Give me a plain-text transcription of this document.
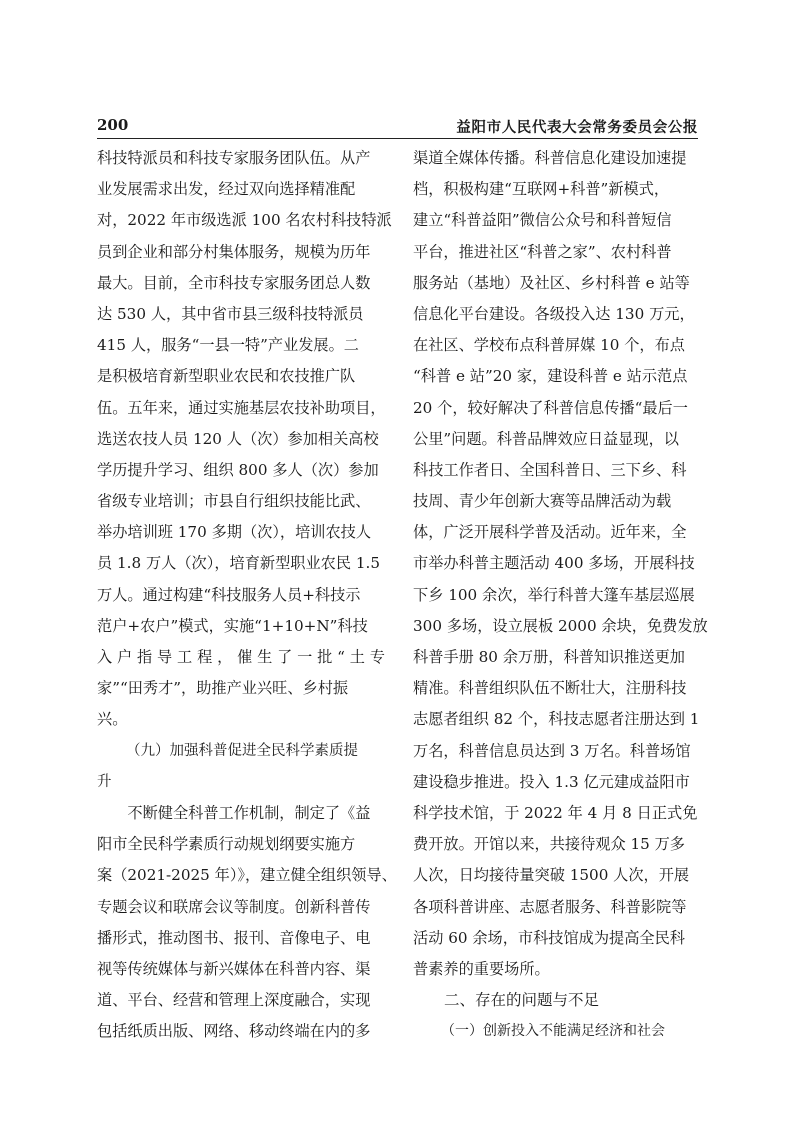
200	益阳市人民代表大会常务委员会公报
科技特派员和科技专家服务团队伍。从产
业发展需求出发，经过双向选择精准配
对，2022 年市级选派 100 名农村科技特派
员到企业和部分村集体服务，规模为历年
最大。目前，全市科技专家服务团总人数
达 530 人，其中省市县三级科技特派员
415 人，服务“一县一特”产业发展。二
是积极培育新型职业农民和农技推广队
伍。五年来，通过实施基层农技补助项目，
选送农技人员 120 人（次）参加相关高校
学历提升学习、组织 800 多人（次）参加
省级专业培训；市县自行组织技能比武、
举办培训班 170 多期（次），培训农技人
员 1.8 万人（次），培育新型职业农民 1.5
万人。通过构建“科技服务人员+科技示
范户+农户”模式，实施“1+10+N”科技
入 户 指 导 工 程 ， 催 生 了 一 批 “ 土 专
家”“田秀才”，助推产业兴旺、乡村振
兴。
（九）加强科普促进全民科学素质提
升
不断健全科普工作机制，制定了《益
阳市全民科学素质行动规划纲要实施方
案（2021-2025 年）》，建立健全组织领导、
专题会议和联席会议等制度。创新科普传
播形式，推动图书、报刊、音像电子、电
视等传统媒体与新兴媒体在科普内容、渠
道、平台、经营和管理上深度融合，实现
包括纸质出版、网络、移动终端在内的多
渠道全媒体传播。科普信息化建设加速提
档，积极构建“互联网+科普”新模式，
建立“科普益阳”微信公众号和科普短信
平台，推进社区“科普之家”、农村科普
服务站（基地）及社区、乡村科普 e 站等
信息化平台建设。各级投入达 130 万元，
在社区、学校布点科普屏媒 10 个，布点
“科普 e 站”20 家，建设科普 e 站示范点
20 个，较好解决了科普信息传播“最后一
公里”问题。科普品牌效应日益显现，以
科技工作者日、全国科普日、三下乡、科
技周、青少年创新大赛等品牌活动为载
体，广泛开展科学普及活动。近年来，全
市举办科普主题活动 400 多场，开展科技
下乡 100 余次，举行科普大篷车基层巡展
300 多场，设立展板 2000 余块，免费发放
科普手册 80 余万册，科普知识推送更加
精准。科普组织队伍不断壮大，注册科技
志愿者组织 82 个，科技志愿者注册达到 1
万名，科普信息员达到 3 万名。科普场馆
建设稳步推进。投入 1.3 亿元建成益阳市
科学技术馆，于 2022 年 4 月 8 日正式免
费开放。开馆以来，共接待观众 15 万多
人次，日均接待量突破 1500 人次，开展
各项科普讲座、志愿者服务、科普影院等
活动 60 余场，市科技馆成为提高全民科
普素养的重要场所。
二、存在的问题与不足
（一）创新投入不能满足经济和社会
